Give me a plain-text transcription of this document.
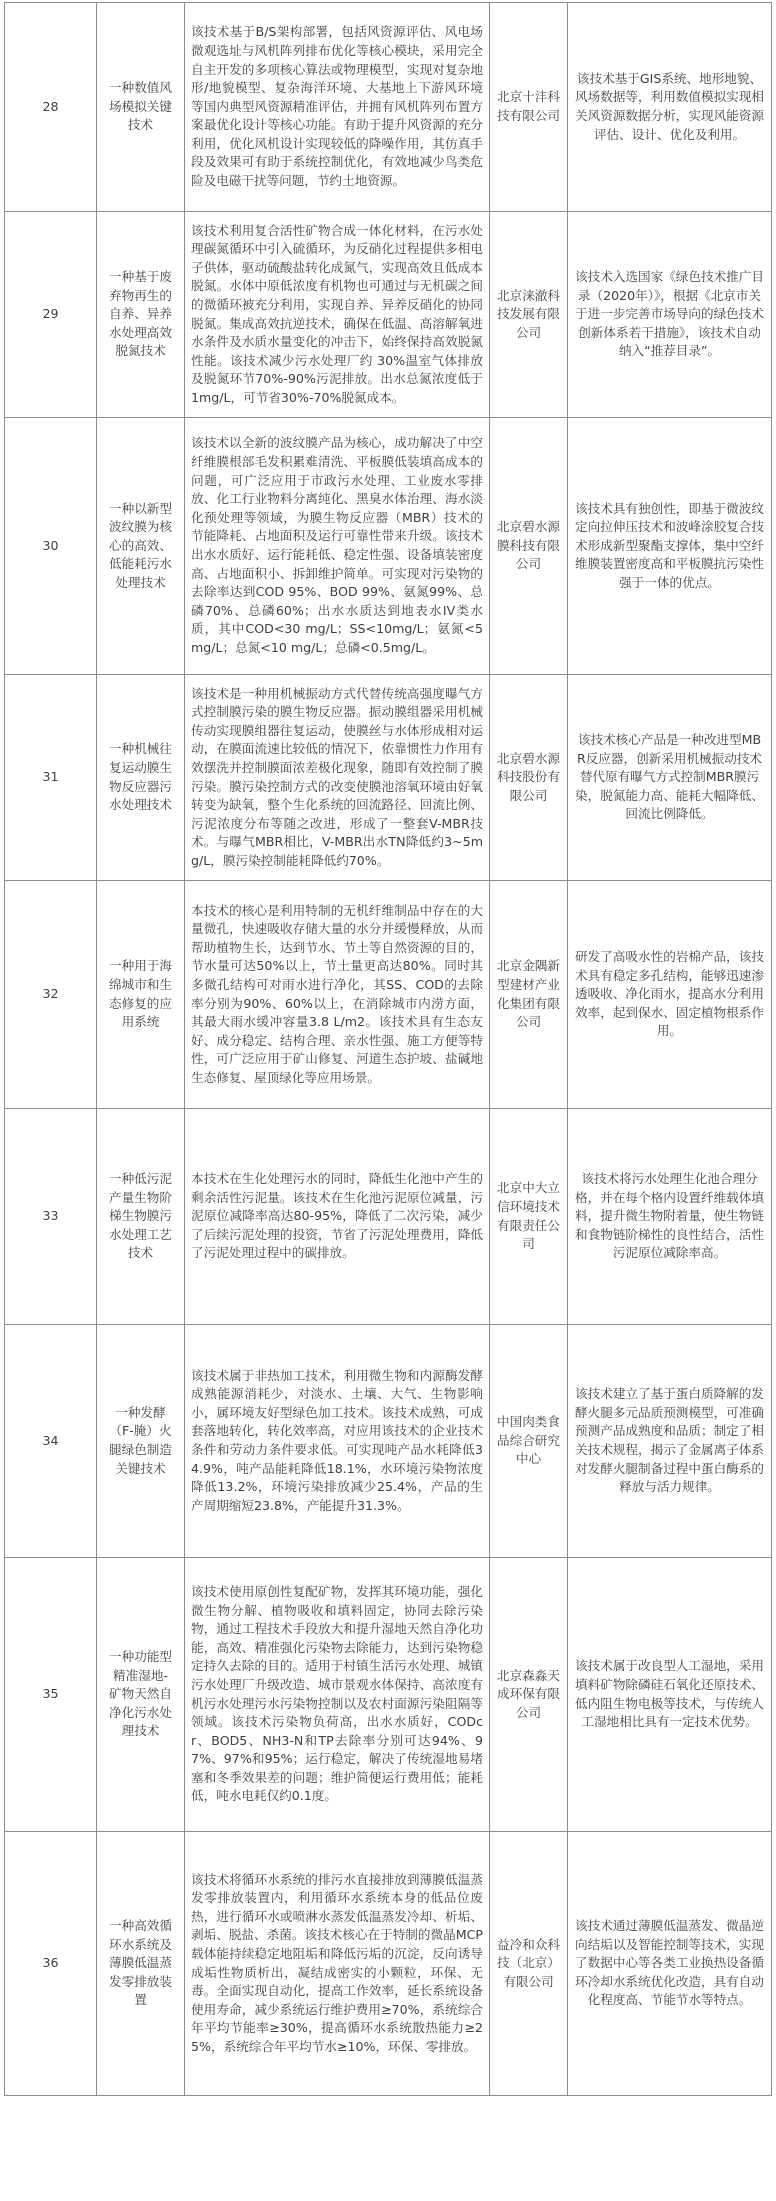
28	一种数值风场模拟关键技术	该技术基于B/S架构部署，包括风资源评估、风电场微观选址与风机阵列排布优化等核心模块，采用完全自主开发的多项核心算法或物理模型，实现对复杂地形/地貌模型、复杂海洋环境、大基地上下游风环境等国内典型风资源精准评估，并拥有风机阵列布置方案最优化设计等核心功能。有助于提升风资源的充分利用，优化风机设计实现较低的降噪作用，其仿真手段及效果可有助于系统控制优化，有效地减少鸟类危险及电磁干扰等问题，节约土地资源。	北京十沣科技有限公司	该技术基于GIS系统、地形地貌、风场数据等，利用数值模拟实现相关风资源数据分析，实现风能资源评估、设计、优化及利用。
29	一种基于废弃物再生的自养、异养水处理高效脱氮技术	该技术利用复合活性矿物合成一体化材料，在污水处理碳氮循环中引入硫循环，为反硝化过程提供多相电子供体，驱动硫酸盐转化成氮气，实现高效且低成本脱氮。水体中原低浓度有机物也可通过与无机碳之间的微循环被充分利用，实现自养、异养反硝化的协同脱氮。集成高效抗逆技术，确保在低温、高溶解氧进水条件及水质水量变化的冲击下，始终保持高效脱氮性能。该技术减少污水处理厂约 30%温室气体排放及脱氮环节70%-90%污泥排放。出水总氮浓度低于1mg/L，可节省30%-70%脱氮成本。	北京涞澈科技发展有限公司	该技术入选国家《绿色技术推广目录（2020年）》，根据《北京市关于进一步完善市场导向的绿色技术创新体系若干措施》，该技术自动纳入“推荐目录”。
30	一种以新型波纹膜为核心的高效、低能耗污水处理技术	该技术以全新的波纹膜产品为核心，成功解决了中空纤维膜根部毛发积累难清洗、平板膜低装填高成本的问题，可广泛应用于市政污水处理、工业废水零排放、化工行业物料分离纯化、黑臭水体治理、海水淡化预处理等领域，为膜生物反应器（MBR）技术的节能降耗、占地面积及运行可靠性带来升级。该技术出水水质好、运行能耗低、稳定性强、设备填装密度高、占地面积小、拆卸维护简单。可实现对污染物的去除率达到COD 95%、BOD 99%、氨氮99%、总磷70%、总磷60%；出水水质达到地表水IV类水质，其中COD<30 mg/L；SS<10mg/L；氨氮<5mg/L；总氮<10 mg/L；总磷<0.5mg/L。	北京碧水源膜科技有限公司	该技术具有独创性，即基于微波纹定向拉伸压技术和波峰涂胶复合技术形成新型聚酯支撑体，集中空纤维膜装置密度高和平板膜抗污染性强于一体的优点。
31	一种机械往复运动膜生物反应器污水处理技术	该技术是一种用机械振动方式代替传统高强度曝气方式控制膜污染的膜生物反应器。振动膜组器采用机械传动实现膜组器往复运动，使膜丝与水体形成相对运动，在膜面流速比较低的情况下，依靠惯性力作用有效摆洗并控制膜面浓差极化现象，随即有效控制了膜污染。膜污染控制方式的改变使膜池溶氧环境由好氧转变为缺氧，整个生化系统的回流路径、回流比例、污泥浓度分布等随之改进，形成了一整套V-MBR技术。与曝气MBR相比，V-MBR出水TN降低约3~5mg/L，膜污染控制能耗降低约70%。	北京碧水源科技股份有限公司	该技术核心产品是一种改进型MBR反应器，创新采用机械振动技术替代原有曝气方式控制MBR膜污染，脱氮能力高、能耗大幅降低、回流比例降低。
32	一种用于海绵城市和生态修复的应用系统	本技术的核心是利用特制的无机纤维制品中存在的大量微孔，快速吸收存储大量的水分并缓慢释放，从而帮助植物生长，达到节水、节土等自然资源的目的，节水量可达50%以上，节土量更高达80%。同时其多微孔结构可对雨水进行净化，其SS、COD的去除率分别为90%、60%以上，在消除城市内涝方面，其最大雨水缓冲容量3.8 L/m2。该技术具有生态友好、成分稳定、结构合理、亲水性强、施工方便等特性，可广泛应用于矿山修复、河道生态护坡、盐碱地生态修复、屋顶绿化等应用场景。	北京金隅新型建材产业化集团有限公司	研发了高吸水性的岩棉产品，该技术具有稳定多孔结构，能够迅速渗透吸收、净化雨水，提高水分利用效率，起到保水、固定植物根系作用。
33	一种低污泥产量生物阶梯生物膜污水处理工艺技术	本技术在生化处理污水的同时，降低生化池中产生的剩余活性污泥量。该技术在生化池污泥原位减量，污泥原位减降率高达80-95%，降低了二次污染，减少了后续污泥处理的投资，节省了污泥处理费用，降低了污泥处理过程中的碳排放。	北京中大立信环境技术有限责任公司	该技术将污水处理生化池合理分格，并在每个格内设置纤维载体填料，提升微生物附着量，使生物链和食物链阶梯性的良性结合，活性污泥原位减除率高。
34	一种发酵（F-腌）火腿绿色制造关键技术	该技术属于非热加工技术，利用微生物和内源酶发酵成熟能源消耗少，对淡水、土壤、大气、生物影响小，属环境友好型绿色加工技术。该技术成熟，可成套落地转化，转化效率高，对应用该技术的企业技术条件和劳动力条件要求低。可实现吨产品水耗降低34.9%，吨产品能耗降低18.1%，水环境污染物浓度降低13.2%，环境污染排放减少25.4%，产品的生产周期缩短23.8%，产能提升31.3%。	中国肉类食品综合研究中心	该技术建立了基于蛋白质降解的发酵火腿多元品质预测模型，可准确预测产品成熟度和品质；制定了相关技术规程，揭示了金属离子体系对发酵火腿制备过程中蛋白酶系的释放与活力规律。
35	一种功能型精准湿地-矿物天然自净化污水处理技术	该技术使用原创性复配矿物，发挥其环境功能，强化微生物分解、植物吸收和填料固定，协同去除污染物，通过工程技术手段放大和提升湿地天然自净化功能，高效、精准强化污染物去除能力，达到污染物稳定持久去除的目的。适用于村镇生活污水处理、城镇污水处理厂升级改造、城市景观水体保持、高浓度有机污水处理污水污染物控制以及农村面源污染阻隔等领域。该技术污染物负荷高，出水水质好，CODcr、BOD5、NH3-N和TP去除率分别可达94%、97%、97%和95%；运行稳定，解决了传统湿地易堵塞和冬季效果差的问题；维护简便运行费用低；能耗低，吨水电耗仅约0.1度。	北京森淼天成环保有限公司	该技术属于改良型人工湿地，采用填料矿物除磷硅石氧化还原技术、低内阻生物电极等技术，与传统人工湿地相比具有一定技术优势。
36	一种高效循环水系统及薄膜低温蒸发零排放装置	该技术将循环水系统的排污水直接排放到薄膜低温蒸发零排放装置内，利用循环水系统本身的低品位废热，进行循环水或喷淋水蒸发低温蒸发冷却、析垢、剥垢、脱盐、杀菌。该技术核心在于特制的微晶MCP载体能持续稳定地阻垢和降低污垢的沉淀，反向诱导成垢性物质析出，凝结成密实的小颗粒，环保、无毒。全面实现自动化，提高工作效率，延长系统设备使用寿命，减少系统运行维护费用≥70%，系统综合年平均节能率≥30%，提高循环水系统散热能力≥25%，系统综合年平均节水≥10%，环保、零排放。	益冷和众科技（北京）有限公司	该技术通过薄膜低温蒸发、微晶逆向结垢以及智能控制等技术，实现了数据中心等各类工业换热设备循环冷却水系统优化改造，具有自动化程度高、节能节水等特点。
